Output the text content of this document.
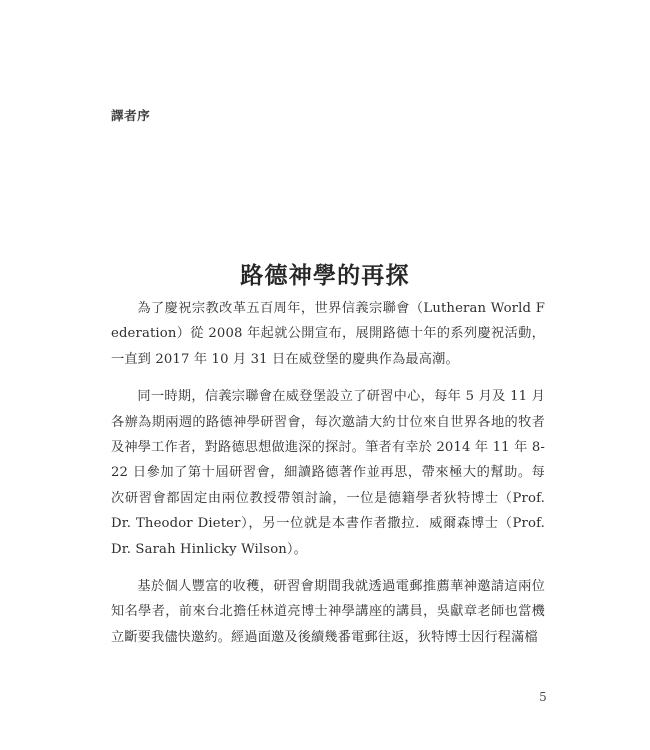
譯者序
路德神學的再探

為了慶祝宗教改革五百周年，世界信義宗聯會（Lutheran World Federation）從 2008 年起就公開宣布，展開路德十年的系列慶祝活動，一直到 2017 年 10 月 31 日在威登堡的慶典作為最高潮。

同一時期，信義宗聯會在威登堡設立了研習中心，每年 5 月及 11 月各辦為期兩週的路德神學研習會，每次邀請大約廿位來自世界各地的牧者及神學工作者，對路德思想做進深的探討。筆者有幸於 2014 年 11 年 8-22 日參加了第十屆研習會，細讀路德著作並再思，帶來極大的幫助。每次研習會都固定由兩位教授帶領討論，一位是德籍學者狄特博士（Prof. Dr. Theodor Dieter），另一位就是本書作者撒拉．威爾森博士（Prof. Dr. Sarah Hinlicky Wilson）。

基於個人豐富的收穫，研習會期間我就透過電郵推薦華神邀請這兩位知名學者，前來台北擔任林道亮博士神學講座的講員，吳獻章老師也當機立斷要我儘快邀約。經過面邀及後續幾番電郵往返，狄特博士因行程滿檔

5
